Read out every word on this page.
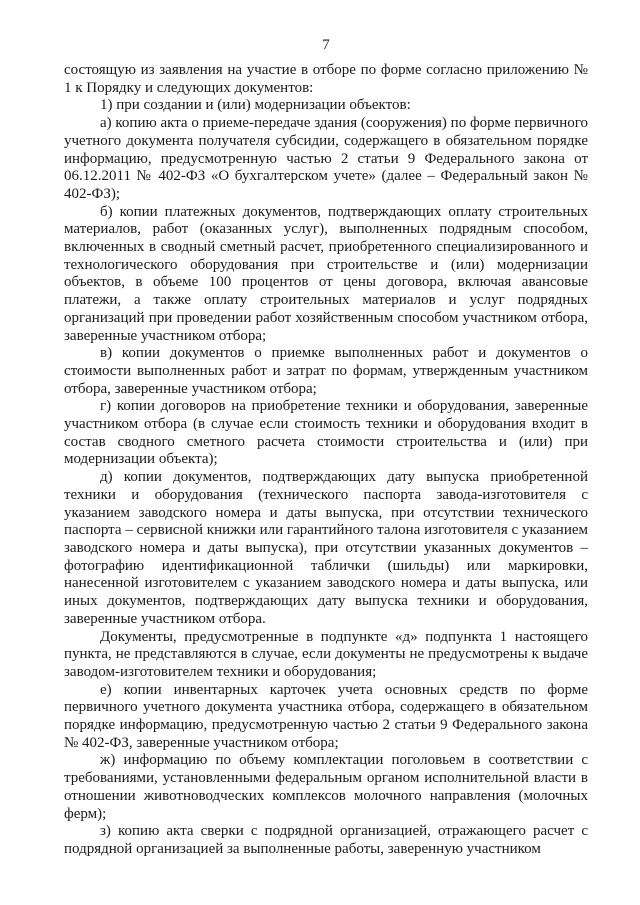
7

состоящую из заявления на участие в отборе по форме согласно приложению № 1 к Порядку и следующих документов:

1) при создании и (или) модернизации объектов:

а) копию акта о приеме-передаче здания (сооружения) по форме первичного учетного документа получателя субсидии, содержащего в обязательном порядке информацию, предусмотренную частью 2 статьи 9 Федерального закона от 06.12.2011 № 402-ФЗ «О бухгалтерском учете» (далее – Федеральный закон № 402-ФЗ);

б) копии платежных документов, подтверждающих оплату строительных материалов, работ (оказанных услуг), выполненных подрядным способом, включенных в сводный сметный расчет, приобретенного специализированного и технологического оборудования при строительстве и (или) модернизации объектов, в объеме 100 процентов от цены договора, включая авансовые платежи, а также оплату строительных материалов и услуг подрядных организаций при проведении работ хозяйственным способом участником отбора, заверенные участником отбора;

в) копии документов о приемке выполненных работ и документов о стоимости выполненных работ и затрат по формам, утвержденным участником отбора, заверенные участником отбора;

г) копии договоров на приобретение техники и оборудования, заверенные участником отбора (в случае если стоимость техники и оборудования входит в состав сводного сметного расчета стоимости строительства и (или) при модернизации объекта);

д) копии документов, подтверждающих дату выпуска приобретенной техники и оборудования (технического паспорта завода-изготовителя с указанием заводского номера и даты выпуска, при отсутствии технического паспорта – сервисной книжки или гарантийного талона изготовителя с указанием заводского номера и даты выпуска), при отсутствии указанных документов – фотографию идентификационной таблички (шильды) или маркировки, нанесенной изготовителем с указанием заводского номера и даты выпуска, или иных документов, подтверждающих дату выпуска техники и оборудования, заверенные участником отбора.

Документы, предусмотренные в подпункте «д» подпункта 1 настоящего пункта, не представляются в случае, если документы не предусмотрены к выдаче заводом-изготовителем техники и оборудования;

е) копии инвентарных карточек учета основных средств по форме первичного учетного документа участника отбора, содержащего в обязательном порядке информацию, предусмотренную частью 2 статьи 9 Федерального закона № 402-ФЗ, заверенные участником отбора;

ж) информацию по объему комплектации поголовьем в соответствии с требованиями, установленными федеральным органом исполнительной власти в отношении животноводческих комплексов молочного направления (молочных ферм);

з) копию акта сверки с подрядной организацией, отражающего расчет с подрядной организацией за выполненные работы, заверенную участником
